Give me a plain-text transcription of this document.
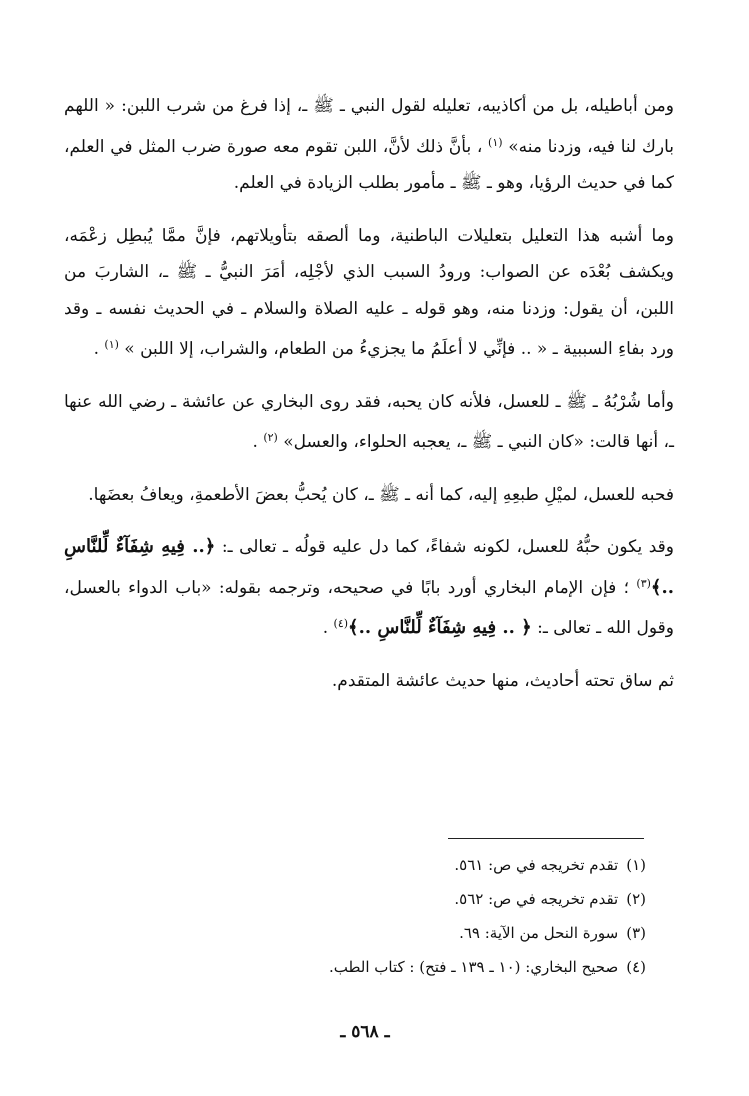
ومن أباطيله، بل من أكاذيبه، تعليله لقول النبي ـ ﷺ ـ، إذا فرغ من شرب اللبن: « اللهم بارك لنا فيه، وزدنا منه» $^{(١)}$ ، بأنَّ ذلك لأنَّ، اللبن تقوم معه صورة ضرب المثل في العلم، كما في حديث الرؤيا، وهو ـ ﷺ ـ مأمور بطلب الزيادة في العلم.

وما أشبه هذا التعليل بتعليلات الباطنية، وما ألصقه بتأويلاتهم، فإنَّ ممَّا يُبطِل زعْمَه، ويكشف بُعْدَه عن الصواب: ورودُ السبب الذي لأجْلِه، أمَرَ النبيُّ ـ ﷺ ـ، الشاربَ من اللبن، أن يقول: وزدنا منه، وهو قوله ـ عليه الصلاة والسلام ـ في الحديث نفسه ـ وقد ورد بفاءِ السببية ـ « .. فإنِّي لا أعلَمُ ما يجزيءُ من الطعام، والشراب، إلا اللبن » $^{(١)}$ .

وأما شُرْبُهُ ـ ﷺ ـ للعسل، فلأنه كان يحبه، فقد روى البخاري عن عائشة ـ رضي الله عنها ـ، أنها قالت: «كان النبي ـ ﷺ ـ، يعجبه الحلواء، والعسل» $^{(٢)}$ .

فحبه للعسل، لميْلِ طبعِهِ إليه، كما أنه ـ ﷺ ـ، كان يُحبُّ بعضَ الأطعمةِ، ويعافُ بعضَها.

وقد يكون حبُّهُ للعسل، لكونه شفاءً، كما دل عليه قولُه ـ تعالى ـ: ﴿.. فِيهِ شِفَآءٌ لِّلنَّاسِ ..﴾$^{(٣)}$ ؛ فإن الإمام البخاري أورد بابًا في صحيحه، وترجمه بقوله: «باب الدواء بالعسل، وقول الله ـ تعالى ـ: ﴿ .. فِيهِ شِفَآءٌ لِّلنَّاسِ ..﴾$^{(٤)}$ .

ثم ساق تحته أحاديث، منها حديث عائشة المتقدم.

(١)تقدم تخريجه في ص: ٥٦١.
(٢)تقدم تخريجه في ص: ٥٦٢.
(٣)سورة النحل من الآية: ٦٩.
(٤)صحيح البخاري: (١٠ ـ ١٣٩ ـ فتح) : كتاب الطب.
ـ ٥٦٨ ـ
